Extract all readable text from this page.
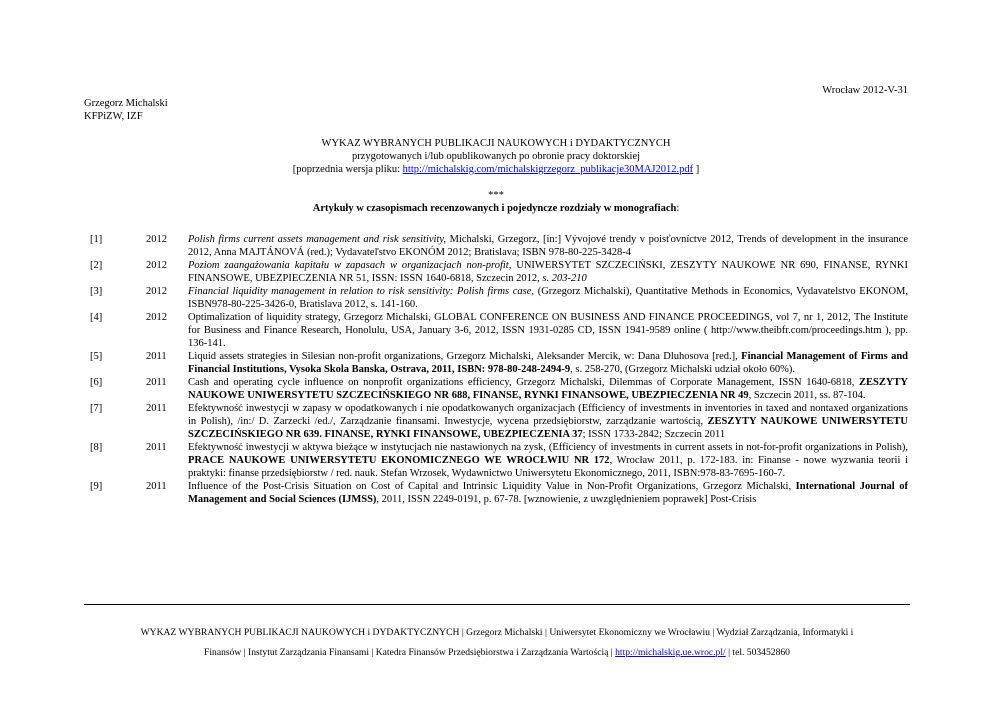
Wrocław 2012-V-31
Grzegorz Michalski
KFPiZW, IZF
WYKAZ WYBRANYCH PUBLIKACJI NAUKOWYCH i DYDAKTYCZNYCH
przygotowanych i/lub opublikowanych po obronie pracy doktorskiej
[poprzednia wersja pliku: http://michalskig.com/michalskigrzegorz_publikacje30MAJ2012.pdf ]
***
Artykuły w czasopismach recenzowanych i pojedyncze rozdziały w monografiach:
[1]	2012 Polish firms current assets management and risk sensitivity, Michalski, Grzegorz, [in:] Vývojové trendy v poisťovníctve 2012, Trends of development in the insurance 2012, Anna MAJTÁNOVÁ (red.); Vydavateľstvo EKONÓM 2012; Bratislava; ISBN 978-80-225-3428-4
[2]	2012 Poziom zaangażowania kapitału w zapasach w organizacjach non-profit, UNIWERSYTET SZCZECIŃSKI, ZESZYTY NAUKOWE NR 690, FINANSE, RYNKI FINANSOWE, UBEZPIECZENIA NR 51, ISSN: ISSN 1640-6818, Szczecin 2012, s. 203-210
[3]	2012 Financial liquidity management in relation to risk sensitivity: Polish firms case, (Grzegorz Michalski), Quantitative Methods in Economics, Vydavatelstvo EKONOM, ISBN978-80-225-3426-0, Bratislava 2012, s. 141-160.
[4]	2012 Optimalization of liquidity strategy, Grzegorz Michalski, GLOBAL CONFERENCE ON BUSINESS AND FINANCE PROCEEDINGS, vol 7, nr 1, 2012, The Institute for Business and Finance Research, Honolulu, USA, January 3-6, 2012, ISSN 1931-0285 CD, ISSN 1941-9589 online ( http://www.theibfr.com/proceedings.htm ), pp. 136-141.
[5]	2011 Liquid assets strategies in Silesian non-profit organizations, Grzegorz Michalski, Aleksander Mercik, w: Dana Dluhosova [red.], Financial Management of Firms and Financial Institutions, Vysoka Skola Banska, Ostrava, 2011, ISBN: 978-80-248-2494-9, s. 258-270, (Grzegorz Michalski udział około 60%).
[6]	2011 Cash and operating cycle influence on nonprofit organizations efficiency, Grzegorz Michalski, Dilemmas of Corporate Management, ISSN 1640-6818, ZESZYTY NAUKOWE UNIWERSYTETU SZCZECIŃSKIEGO NR 688, FINANSE, RYNKI FINANSOWE, UBEZPIECZENIA NR 49, Szczecin 2011, ss. 87-104.
[7]	2011 Efektywność inwestycji w zapasy w opodatkowanych i nie opodatkowanych organizacjach (Efficiency of investments in inventories in taxed and nontaxed organizations in Polish), /in:/ D. Zarzecki /ed./, Zarządzanie finansami. Inwestycje, wycena przedsiębiorstw, zarządzanie wartością, ZESZYTY NAUKOWE UNIWERSYTETU SZCZECIŃSKIEGO NR 639. FINANSE, RYNKI FINANSOWE, UBEZPIECZENIA 37; ISSN 1733-2842; Szczecin 2011
[8]	2011 Efektywność inwestycji w aktywa bieżące w instytucjach nie nastawionych na zysk, (Efficiency of investments in current assets in not-for-profit organizations in Polish), PRACE NAUKOWE UNIWERSYTETU EKONOMICZNEGO WE WROCŁWIU NR 172, Wrocław 2011, p. 172-183. in: Finanse - nowe wyzwania teorii i praktyki: finanse przedsiębiorstw / red. nauk. Stefan Wrzosek, Wydawnictwo Uniwersytetu Ekonomicznego, 2011, ISBN:978-83-7695-160-7.
[9]	2011 Influence of the Post-Crisis Situation on Cost of Capital and Intrinsic Liquidity Value in Non-Profit Organizations, Grzegorz Michalski, International Journal of Management and Social Sciences (IJMSS), 2011, ISSN 2249-0191, p. 67-78. [wznowienie, z uwzględnieniem poprawek] Post-Crisis
WYKAZ WYBRANYCH PUBLIKACJI NAUKOWYCH i DYDAKTYCZNYCH | Grzegorz Michalski | Uniwersytet Ekonomiczny we Wrocławiu | Wydział Zarządzania, Informatyki i
Finansów | Instytut Zarządzania Finansami | Katedra Finansów Przedsiębiorstwa i Zarządzania Wartością | http://michalskig.ue.wroc.pl/ | tel. 503452860
